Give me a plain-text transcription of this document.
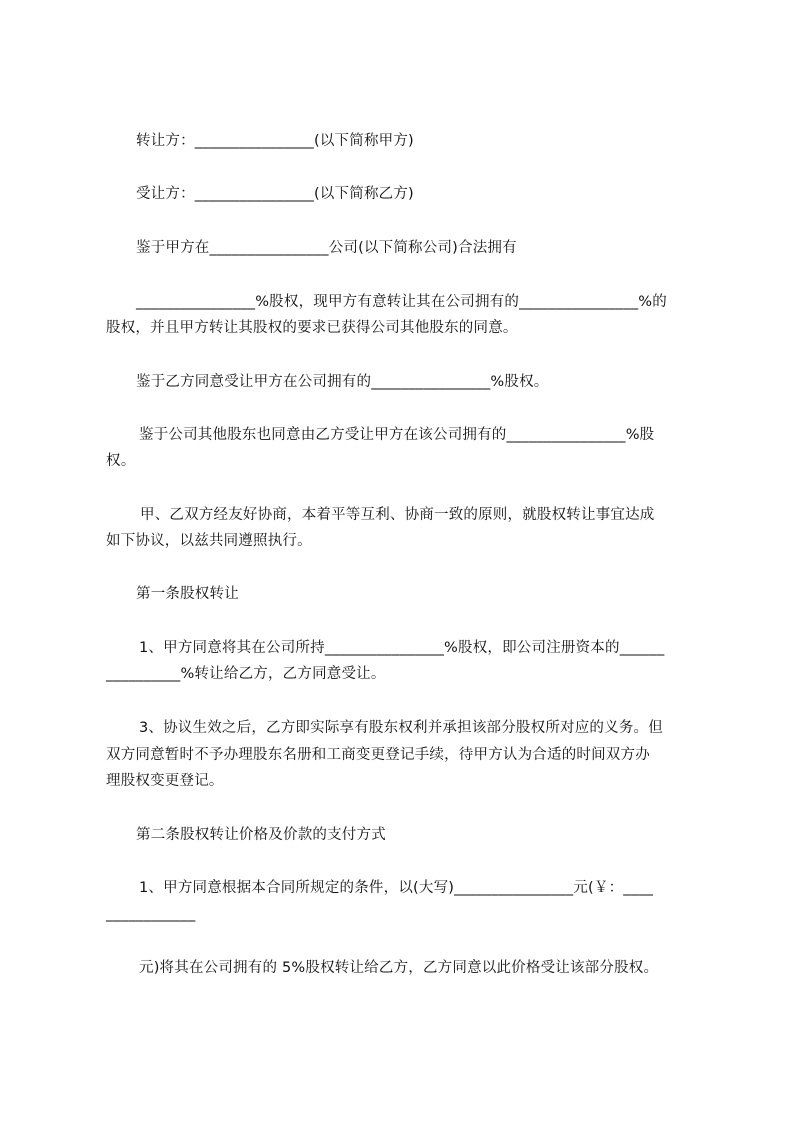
转让方：________________(以下简称甲方)
受让方：________________(以下简称乙方)
鉴于甲方在________________公司(以下简称公司)合法拥有
________________%股权，现甲方有意转让其在公司拥有的________________%的
股权，并且甲方转让其股权的要求已获得公司其他股东的同意。
鉴于乙方同意受让甲方在公司拥有的________________%股权。
鉴于公司其他股东也同意由乙方受让甲方在该公司拥有的________________%股
权。
甲、乙双方经友好协商，本着平等互利、协商一致的原则，就股权转让事宜达成
如下协议，以兹共同遵照执行。
第一条股权转让
1、甲方同意将其在公司所持________________%股权，即公司注册资本的______
__________%转让给乙方，乙方同意受让。
3、协议生效之后，乙方即实际享有股东权利并承担该部分股权所对应的义务。但
双方同意暂时不予办理股东名册和工商变更登记手续，待甲方认为合适的时间双方办
理股权变更登记。
第二条股权转让价格及价款的支付方式
1、甲方同意根据本合同所规定的条件，以(大写)________________元(￥：____
____________
元)将其在公司拥有的 5%股权转让给乙方，乙方同意以此价格受让该部分股权。
